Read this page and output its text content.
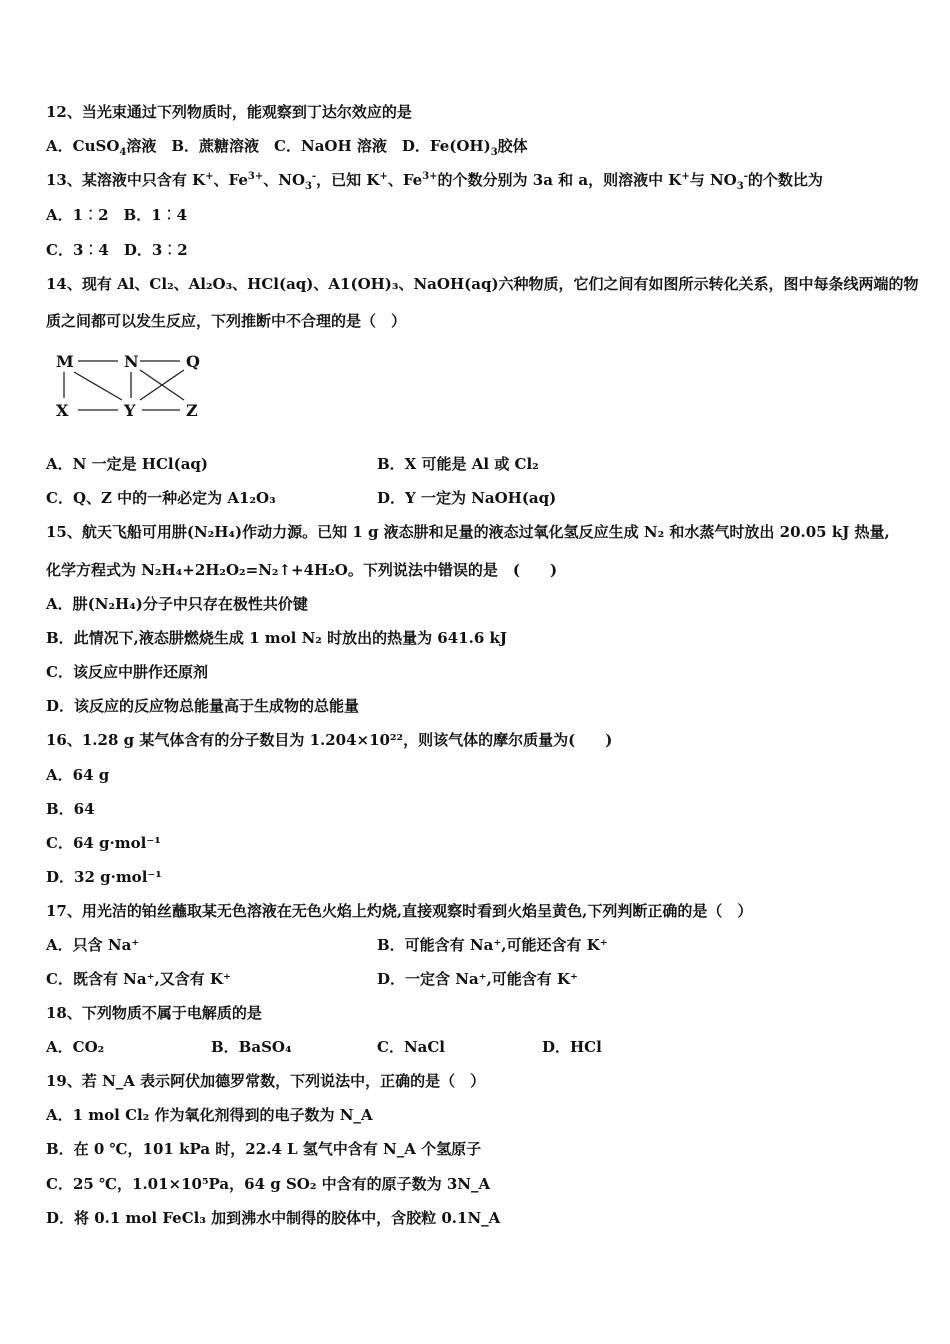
12、当光束通过下列物质时，能观察到丁达尔效应的是
A．CuSO$_4$溶液　B．蔗糖溶液　C．NaOH 溶液　D．$Fe(OH)_3$胶体
13、某溶液中只含有 K+、$Fe^{3+}$、$NO_3^-$，已知 K+、$Fe^{3+}$的个数分别为 3a 和 a，则溶液中 K+与 $NO_3^-$的个数比为
A．1︰2　B．1︰4
C．3︰4　D．3︰2
14、现有 Al、Cl₂、Al₂O₃、HCl(aq)、A1(OH)₃、NaOH(aq)六种物质，它们之间有如图所示转化关系，图中每条线两端的物
质之间都可以发生反应，下列推断中不合理的是（　）
M	N	Q
X	Y	Z
A．N 一定是 HCl(aq)	B．X 可能是 Al 或 Cl₂
C．Q、Z 中的一种必定为 A1₂O₃	D．Y 一定为 NaOH(aq)
15、航天飞船可用肼(N₂H₄)作动力源。已知 1 g 液态肼和足量的液态过氧化氢反应生成 N₂ 和水蒸气时放出 20.05 kJ 热量,
化学方程式为 N₂H₄+2H₂O₂=N₂↑+4H₂O。下列说法中错误的是　(　　)
A．肼(N₂H₄)分子中只存在极性共价键
B．此情况下,液态肼燃烧生成 1 mol N₂ 时放出的热量为 641.6 kJ
C．该反应中肼作还原剂
D．该反应的反应物总能量高于生成物的总能量
16、1.28 g 某气体含有的分子数目为 1.204×10²²，则该气体的摩尔质量为(　　)
A．64 g
B．64
C．64 g·mol⁻¹
D．32 g·mol⁻¹
17、用光洁的铂丝蘸取某无色溶液在无色火焰上灼烧,直接观察时看到火焰呈黄色,下列判断正确的是（　）
A．只含 Na⁺	B．可能含有 Na⁺,可能还含有 K⁺
C．既含有 Na⁺,又含有 K⁺	D．一定含 Na⁺,可能含有 K⁺
18、下列物质不属于电解质的是
A．CO₂	B．BaSO₄	C．NaCl	D．HCl
19、若 N_A 表示阿伏加德罗常数，下列说法中，正确的是（　）
A．1 mol Cl₂ 作为氧化剂得到的电子数为 N_A
B．在 0 ℃，101 kPa 时，22.4 L 氢气中含有 N_A 个氢原子
C．25 ℃，1.01×10⁵Pa，64 g SO₂ 中含有的原子数为 3N_A
D．将 0.1 mol FeCl₃ 加到沸水中制得的胶体中，含胶粒 0.1N_A
